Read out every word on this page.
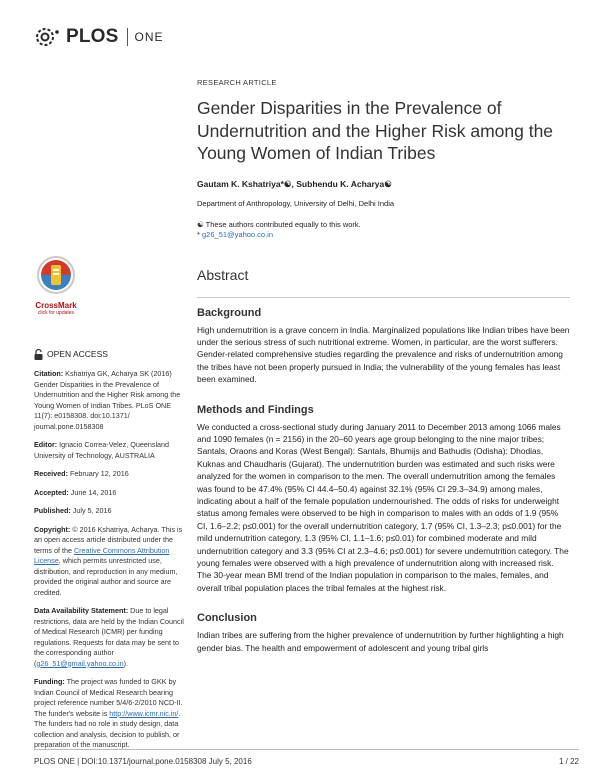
PLOS ONE
CrossMark
click for updates
OPEN ACCESS

Citation: Kshatriya GK, Acharya SK (2016) Gender Disparities in the Prevalence of Undernutrition and the Higher Risk among the Young Women of Indian Tribes. PLoS ONE 11(7): e0158308. doi:10.1371/ journal.pone.0158308

Editor: Ignacio Correa-Velez, Queensland University of Technology, AUSTRALIA

Received: February 12, 2016

Accepted: June 14, 2016

Published: July 5, 2016

Copyright: © 2016 Kshatriya, Acharya. This is an open access article distributed under the terms of the Creative Commons Attribution License, which permits unrestricted use, distribution, and reproduction in any medium, provided the original author and source are credited.

Data Availability Statement: Due to legal restrictions, data are held by the Indian Council of Medical Research (ICMR) per funding regulations. Requests for data may be sent to the corresponding author (g26_51@gmail.yahoo.co.in).

Funding: The project was funded to GKK by Indian Council of Medical Research bearing project reference number 5/4/6-2/2010 NCD-II. The funder's website is http://www.icmr.nic.in/. The funders had no role in study design, data collection and analysis, decision to publish, or preparation of the manuscript.

RESEARCH ARTICLE
Gender Disparities in the Prevalence of Undernutrition and the Higher Risk among the Young Women of Indian Tribes
Gautam K. Kshatriya*☯, Subhendu K. Acharya☯
Department of Anthropology, University of Delhi, Delhi India
☯ These authors contributed equally to this work.
* g26_51@yahoo.co.in
Abstract
Background
High undernutrition is a grave concern in India. Marginalized populations like Indian tribes have been under the serious stress of such nutritional extreme. Women, in particular, are the worst sufferers. Gender-related comprehensive studies regarding the prevalence and risks of undernutrition among the tribes have not been properly pursued in India; the vulnerability of the young females has least been examined.
Methods and Findings
We conducted a cross-sectional study during January 2011 to December 2013 among 1066 males and 1090 females (n = 2156) in the 20–60 years age group belonging to the nine major tribes; Santals, Oraons and Koras (West Bengal): Santals, Bhumijs and Bathudis (Odisha): Dhodias, Kuknas and Chaudharis (Gujarat). The undernutrition burden was estimated and such risks were analyzed for the women in comparison to the men. The overall undernutrition among the females was found to be 47.4% (95% CI 44.4–50.4) against 32.1% (95% CI 29.3–34.9) among males, indicating about a half of the female population undernourished. The odds of risks for underweight status among females were observed to be high in comparison to males with an odds of 1.9 (95% CI, 1.6–2.2; p≤0.001) for the overall undernutrition category, 1.7 (95% CI, 1.3–2.3; p≤0.001) for the mild undernutrition category, 1.3 (95% CI, 1.1–1.6; p≤0.01) for combined moderate and mild undernutrition category and 3.3 (95% CI at 2.3–4.6; p≤0.001) for severe undernutrition category. The young females were observed with a high prevalence of undernutrition along with increased risk. The 30-year mean BMI trend of the Indian population in comparison to the males, females, and overall tribal population places the tribal females at the highest risk.
Conclusion
Indian tribes are suffering from the higher prevalence of undernutrition by further highlighting a high gender bias. The health and empowerment of adolescent and young tribal girls
PLOS ONE | DOI:10.1371/journal.pone.0158308 July 5, 2016	1 / 22
